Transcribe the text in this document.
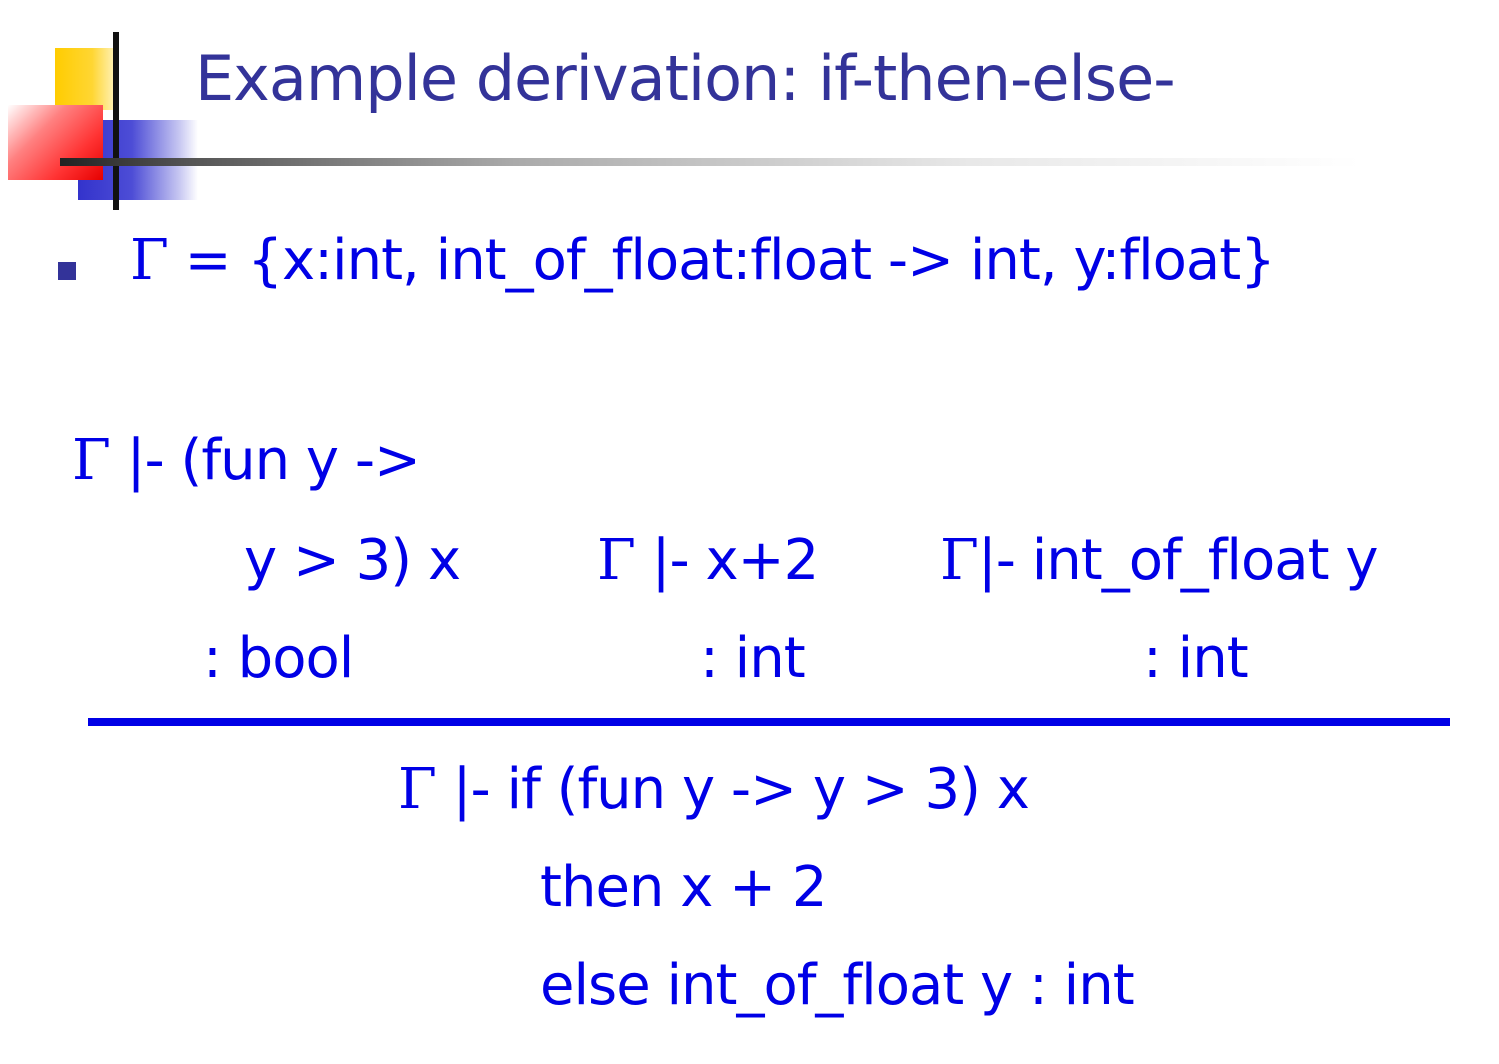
Example derivation: if-then-else-
Γ = {x:int, int_of_float:float -> int, y:float}
Γ |- (fun y ->
y > 3) x
: bool
Γ |- x+2
: int
Γ|- int_of_float y
: int
Γ |- if (fun y -> y > 3) x
then x + 2
else int_of_float y : int
